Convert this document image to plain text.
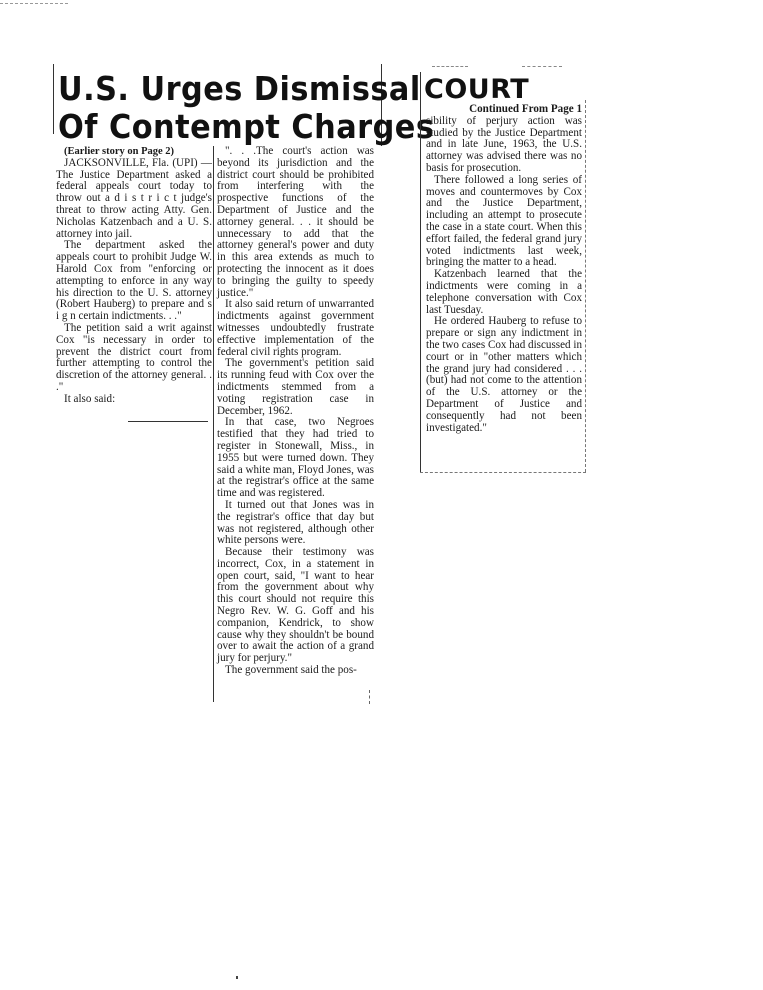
U.S. Urges Dismissal
Of Contempt Charges

(Earlier story on Page 2)

JACKSONVILLE, Fla. (UPI) —The Justice Department asked a federal appeals court today to throw out a d i s t r i c t judge's threat to throw acting Atty. Gen. Nicholas Katzenbach and a U. S. attorney into jail.

The department asked the appeals court to prohibit Judge W. Harold Cox from "enforcing or attempting to enforce in any way his direction to the U. S. attorney (Robert Hauberg) to prepare and s i g n certain indictments. . ."

The petition said a writ against Cox "is necessary in order to prevent the district court from further attempting to control the discretion of the attorney general. . ."

It also said:

". . .The court's action was beyond its jurisdiction and the district court should be prohibited from interfering with the prospective functions of the Department of Justice and the attorney general. . . it should be unnecessary to add that the attorney general's power and duty in this area extends as much to protecting the innocent as it does to bringing the guilty to speedy justice."

It also said return of unwarranted indictments against government witnesses undoubtedly frustrate effective implementation of the federal civil rights program.

The government's petition said its running feud with Cox over the indictments stemmed from a voting registration case in December, 1962.

In that case, two Negroes testified that they had tried to register in Stonewall, Miss., in 1955 but were turned down. They said a white man, Floyd Jones, was at the registrar's office at the same time and was registered.

It turned out that Jones was in the registrar's office that day but was not registered, although other white persons were.

Because their testimony was incorrect, Cox, in a statement in open court, said, "I want to hear from the government about why this court should not require this Negro Rev. W. G. Goff and his companion, Kendrick, to show cause why they shouldn't be bound over to await the action of a grand jury for perjury."

The government said the pos-

COURT

Continued From Page 1

sibility of perjury action was studied by the Justice Department and in late June, 1963, the U.S. attorney was advised there was no basis for prosecution.

There followed a long series of moves and countermoves by Cox and the Justice Department, including an attempt to prosecute the case in a state court. When this effort failed, the federal grand jury voted indictments last week, bringing the matter to a head.

Katzenbach learned that the indictments were coming in a telephone conversation with Cox last Tuesday.

He ordered Hauberg to refuse to prepare or sign any indictment in the two cases Cox had discussed in court or in "other matters which the grand jury had considered . . . (but) had not come to the attention of the U.S. attorney or the Department of Justice and consequently had not been investigated."
